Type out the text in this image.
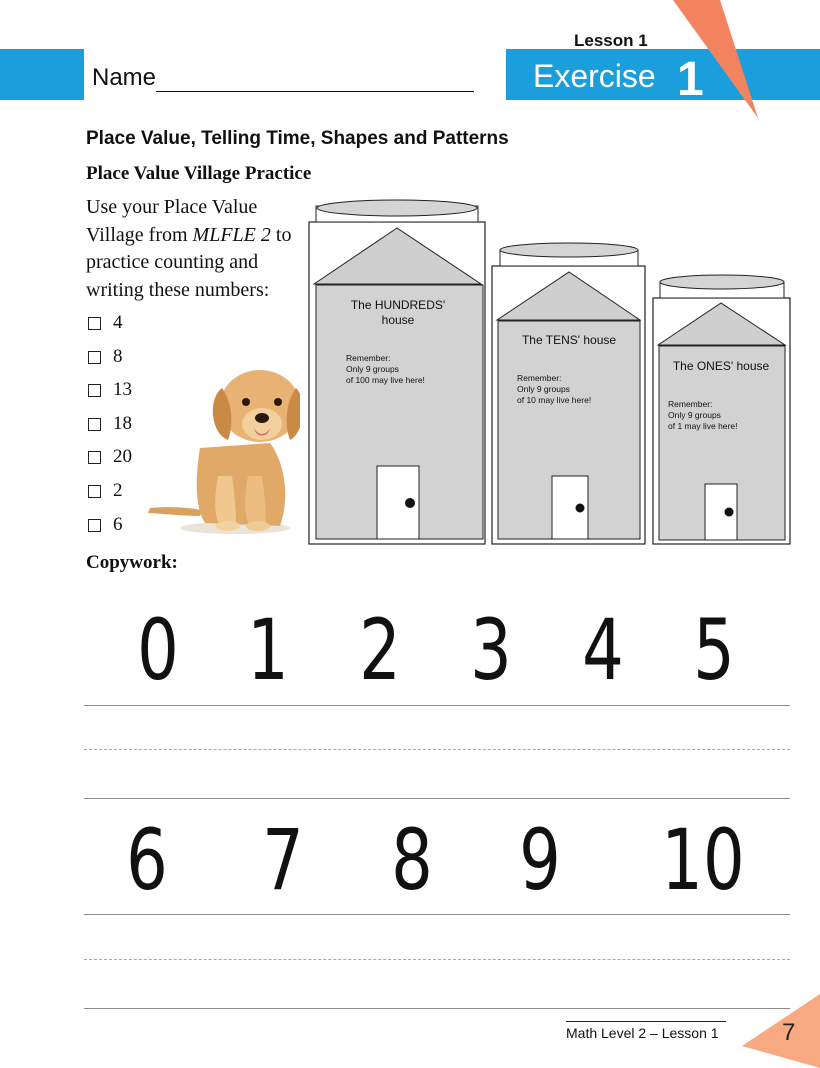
Name
Lesson 1
Exercise 1
Place Value, Telling Time, Shapes and Patterns
Place Value Village Practice
Use your Place Value Village from MLFLE 2 to practice counting and writing these numbers:
4
8
13
18
20
2
6
The HUNDREDS'
house
Remember:
Only 9 groups
of 100 may live here!
The TENS' house
Remember:
Only 9 groups
of 10 may live here!
The ONES' house
Remember:
Only 9 groups
of 1 may live here!
Copywork:
0 1 2 3 4 5
6 7 8 9 10
Math Level 2 – Lesson 1	7
